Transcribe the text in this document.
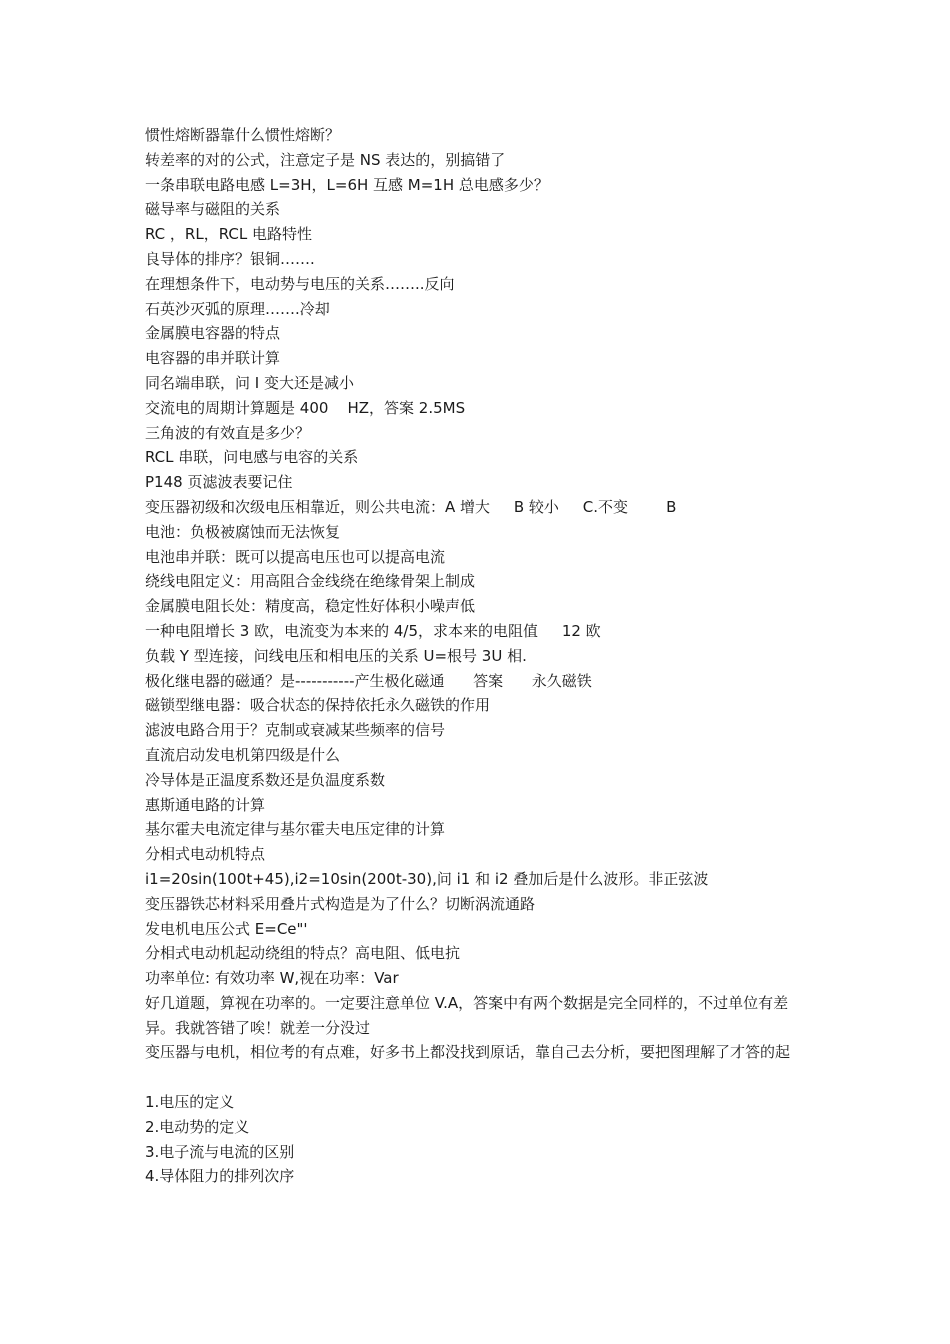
惯性熔断器靠什么惯性熔断？
转差率的对的公式，注意定子是 NS 表达的，别搞错了
一条串联电路电感 L=3H，L=6H 互感 M=1H 总电感多少？
磁导率与磁阻的关系
RC ，RL，RCL 电路特性
良导体的排序？银铜…….
在理想条件下，电动势与电压的关系……..反向
石英沙灭弧的原理…….冷却
金属膜电容器的特点
电容器的串并联计算
同名端串联，问 I 变大还是减小
交流电的周期计算题是 400    HZ，答案 2.5MS
三角波的有效直是多少？
RCL 串联，问电感与电容的关系
P148 页滤波表要记住
变压器初级和次级电压相靠近，则公共电流：A 增大     B 较小     C.不变        B
电池：负极被腐蚀而无法恢复
电池串并联：既可以提高电压也可以提高电流
绕线电阻定义：用高阻合金线绕在绝缘骨架上制成
金属膜电阻长处：精度高，稳定性好体积小噪声低
一种电阻增长 3 欧，电流变为本来的 4/5，求本来的电阻值     12 欧
负载 Y 型连接，问线电压和相电压的关系 U=根号 3U 相.
极化继电器的磁通？是-----------产生极化磁通      答案      永久磁铁
磁锁型继电器：吸合状态的保持依托永久磁铁的作用
滤波电路合用于？克制或衰减某些频率的信号
直流启动发电机第四级是什么
冷导体是正温度系数还是负温度系数
惠斯通电路的计算
基尔霍夫电流定律与基尔霍夫电压定律的计算
分相式电动机特点
i1=20sin(100t+45),i2=10sin(200t-30),问 i1 和 i2 叠加后是什么波形。非正弦波
变压器铁芯材料采用叠片式构造是为了什么？切断涡流通路
发电机电压公式 E=Ce"'
分相式电动机起动绕组的特点？高电阻、低电抗
功率单位: 有效功率 W,视在功率：Var
好几道题，算视在功率的。一定要注意单位 V.A，答案中有两个数据是完全同样的，不过单位有差异。我就答错了唉！就差一分没过
变压器与电机，相位考的有点难，好多书上都没找到原话，靠自己去分析，要把图理解了才答的起
1.电压的定义
2.电动势的定义
3.电子流与电流的区别
4.导体阻力的排列次序
